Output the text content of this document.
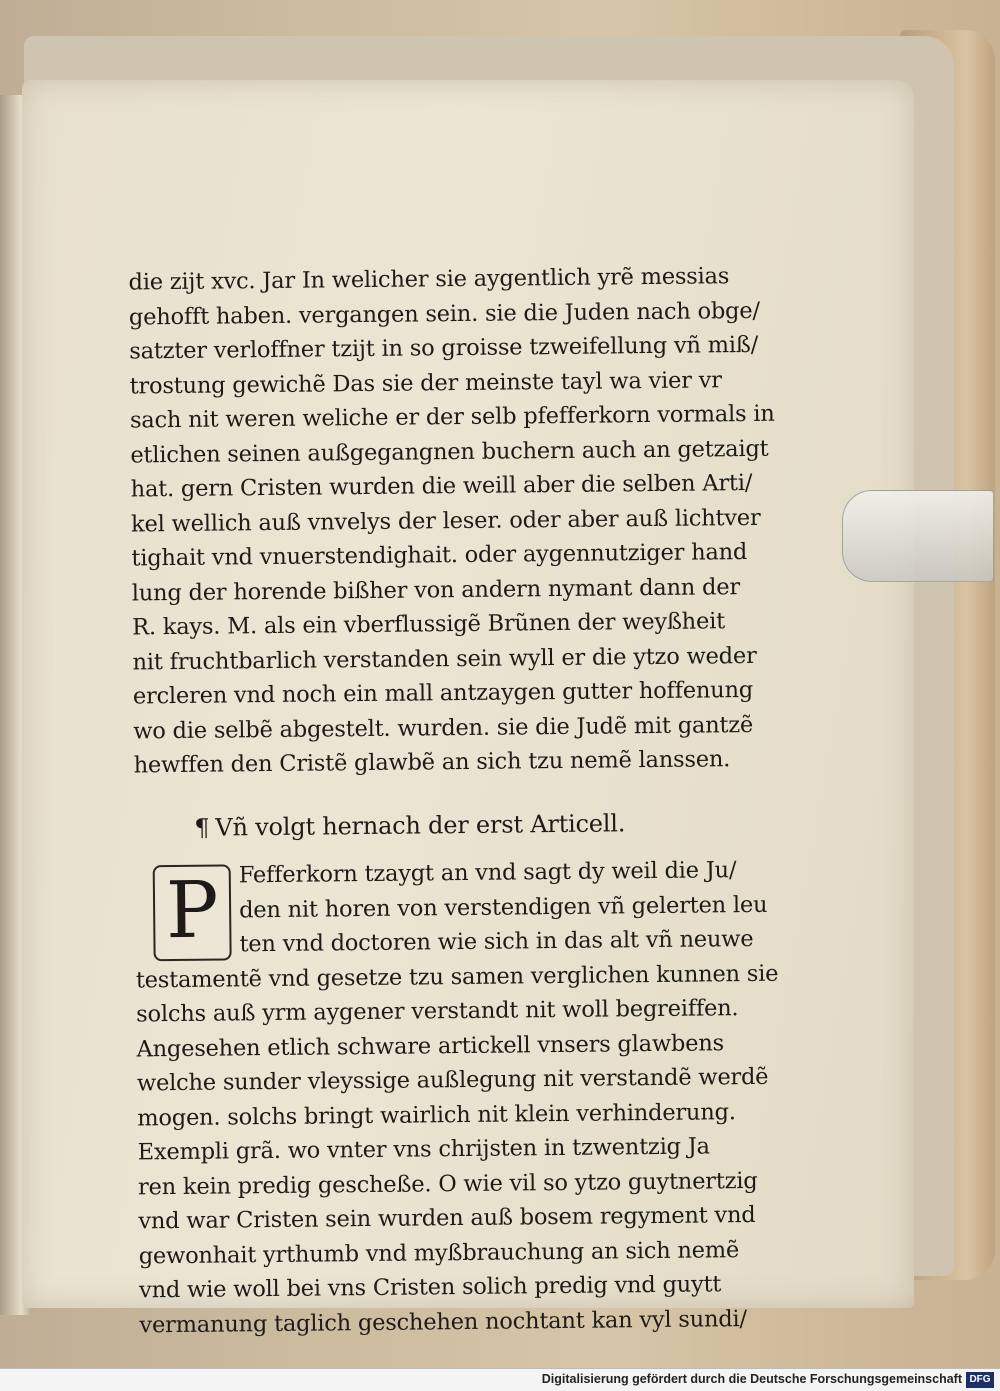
die zijt xvc. Jar In welicher sie aygentlich yrẽ messias
gehofft haben. vergangen sein. sie die Juden nach obge/
satzter verloffner tzijt in so groisse tzweifellung vñ miß/
trostung gewichẽ Das sie der meinste tayl wa vier vr
sach nit weren weliche er der selb pfefferkorn vormals in
etlichen seinen außgegangnen buchern auch an getzaigt
hat. gern Cristen wurden die weill aber die selben Arti/
kel wellich auß vnvelys der leser. oder aber auß lichtver
tighait vnd vnuerstendighait. oder aygennutziger hand
lung der horende bißher von andern nymant dann der
R. kays. M. als ein vberflussigẽ Brũnen der weyßheit
nit fruchtbarlich verstanden sein wyll er die ytzo weder
ercleren vnd noch ein mall antzaygen gutter hoffenung
wo die selbẽ abgestelt. wurden. sie die Judẽ mit gantzẽ
hewffen den Cristẽ glawbẽ an sich tzu nemẽ lanssen.
¶ Vñ volgt hernach der erst Articell.
P Fefferkorn tzaygt an vnd sagt dy weil die Ju/
den nit horen von verstendigen vñ gelerten leu
ten vnd doctoren wie sich in das alt vñ neuwe
testamentẽ vnd gesetze tzu samen verglichen kunnen sie
solchs auß yrm aygener verstandt nit woll begreiffen.
Angesehen etlich schware artickell vnsers glawbens
welche sunder vleyssige außlegung nit verstandẽ werdẽ
mogen. solchs bringt wairlich nit klein verhinderung.
Exempli grã. wo vnter vns chrijsten in tzwentzig Ja
ren kein predig gescheße. O wie vil so ytzo guytnertzig
vnd war Cristen sein wurden auß bosem regyment vnd
gewonhait yrthumb vnd myßbrauchung an sich nemẽ
vnd wie woll bei vns Cristen solich predig vnd guytt
vermanung taglich geschehen nochtant kan vyl sundi/
Digitalisierung gefördert durch die Deutsche Forschungsgemeinschaft DFG
